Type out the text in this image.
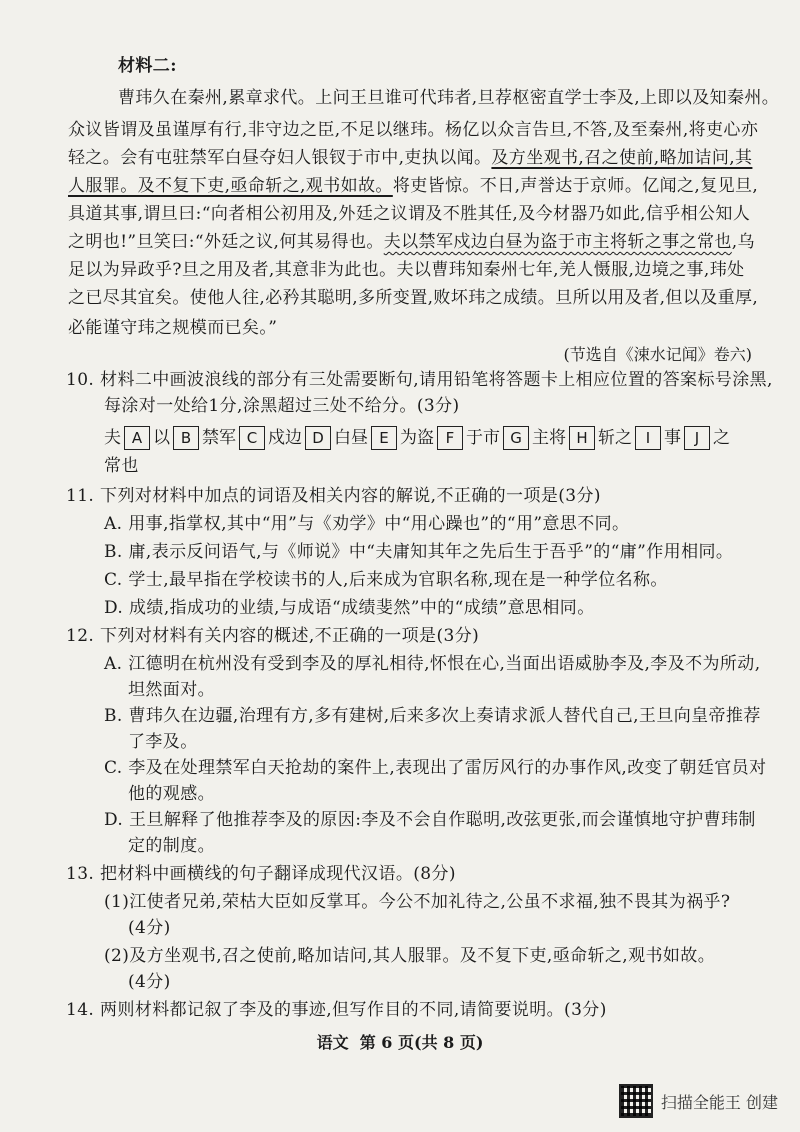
材料二:
曹玮久在秦州,累章求代。上问王旦谁可代玮者,旦荐枢密直学士李及,上即以及知秦州。
众议皆谓及虽谨厚有行,非守边之臣,不足以继玮。杨亿以众言告旦,不答,及至秦州,将吏心亦
轻之。会有屯驻禁军白昼夺妇人银钗于市中,吏执以闻。及方坐观书,召之使前,略加诘问,其
人服罪。及不复下吏,亟命斩之,观书如故。将吏皆惊。不日,声誉达于京师。亿闻之,复见旦,
具道其事,谓旦曰:“向者相公初用及,外廷之议谓及不胜其任,及今材器乃如此,信乎相公知人
之明也!”旦笑曰:“外廷之议,何其易得也。夫以禁军戍边白昼为盗于市主将斩之事之常也,乌
足以为异政乎?旦之用及者,其意非为此也。夫以曹玮知秦州七年,羌人慑服,边境之事,玮处
之已尽其宜矣。使他人往,必矜其聪明,多所变置,败坏玮之成绩。旦所以用及者,但以及重厚,
必能谨守玮之规模而已矣。”
(节选自《涑水记闻》卷六)
10. 材料二中画波浪线的部分有三处需要断句,请用铅笔将答题卡上相应位置的答案标号涂黑,
每涂对一处给1分,涂黑超过三处不给分。(3分)
夫 A 以 B 禁军 C 戍边 D 白昼 E 为盗 F 于市 G 主将 H 斩之 I 事 J 之
常也
11. 下列对材料中加点的词语及相关内容的解说,不正确的一项是(3分)
A. 用事,指掌权,其中“用”与《劝学》中“用心躁也”的“用”意思不同。
B. 庸,表示反问语气,与《师说》中“夫庸知其年之先后生于吾乎”的“庸”作用相同。
C. 学士,最早指在学校读书的人,后来成为官职名称,现在是一种学位名称。
D. 成绩,指成功的业绩,与成语“成绩斐然”中的“成绩”意思相同。
12. 下列对材料有关内容的概述,不正确的一项是(3分)
A. 江德明在杭州没有受到李及的厚礼相待,怀恨在心,当面出语威胁李及,李及不为所动,
坦然面对。
B. 曹玮久在边疆,治理有方,多有建树,后来多次上奏请求派人替代自己,王旦向皇帝推荐
了李及。
C. 李及在处理禁军白天抢劫的案件上,表现出了雷厉风行的办事作风,改变了朝廷官员对
他的观感。
D. 王旦解释了他推荐李及的原因:李及不会自作聪明,改弦更张,而会谨慎地守护曹玮制
定的制度。
13. 把材料中画横线的句子翻译成现代汉语。(8分)
(1)江使者兄弟,荣枯大臣如反掌耳。今公不加礼待之,公虽不求福,独不畏其为祸乎?
(4分)
(2)及方坐观书,召之使前,略加诘问,其人服罪。及不复下吏,亟命斩之,观书如故。
(4分)
14. 两则材料都记叙了李及的事迹,但写作目的不同,请简要说明。(3分)
语文 第 6 页(共 8 页)
扫描全能王 创建
